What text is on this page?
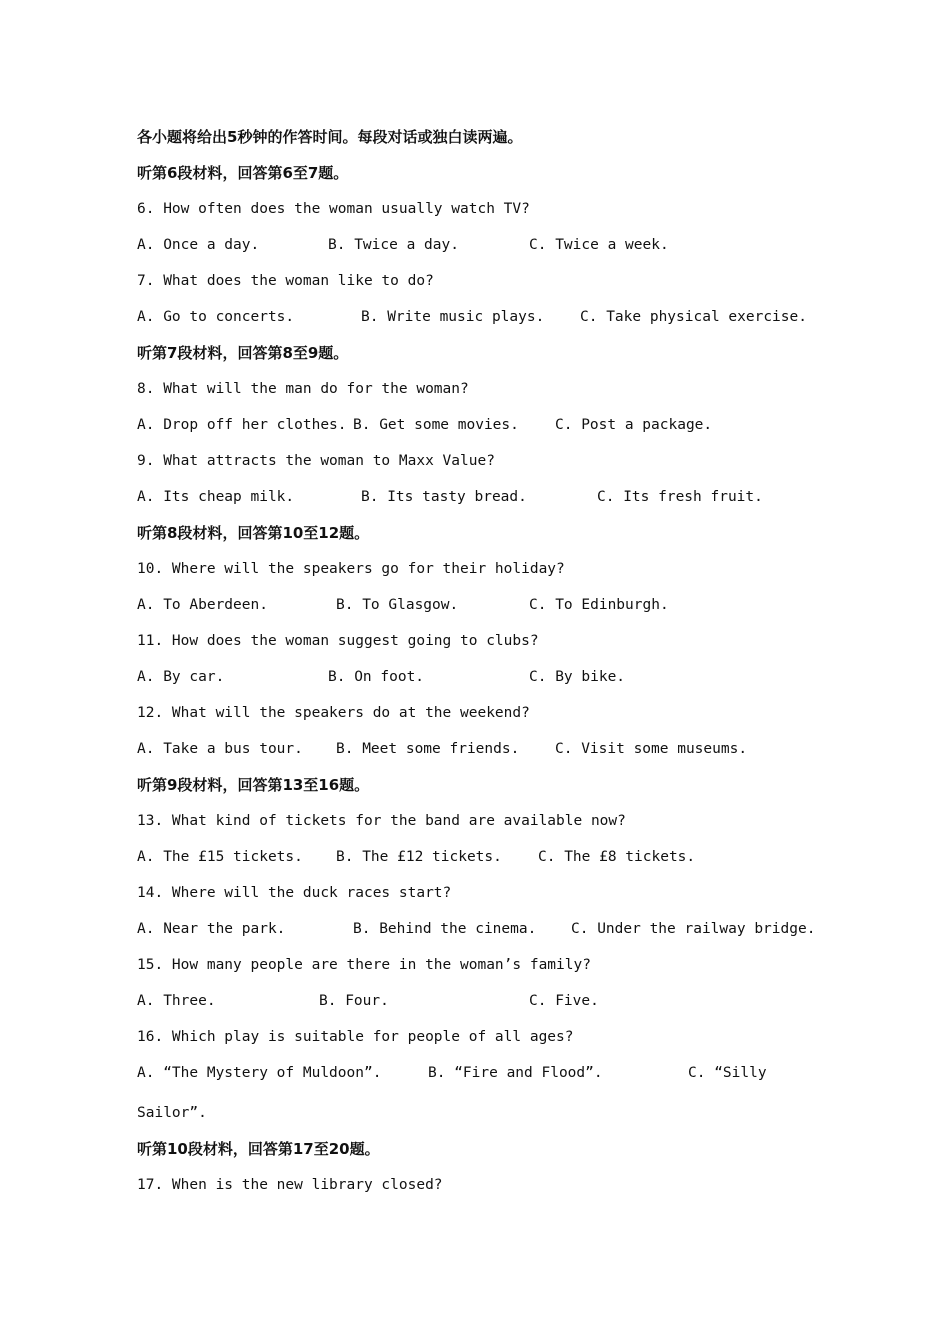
各小题将给出5秒钟的作答时间。每段对话或独白读两遍。
听第6段材料，回答第6至7题。
6. How often does the woman usually watch TV?
A. Once a day.	B. Twice a day.	C. Twice a week.
7. What does the woman like to do?
A. Go to concerts.	B. Write music plays. C. Take physical exercise.
听第7段材料，回答第8至9题。
8. What will the man do for the woman?
A. Drop off her clothes. B. Get some movies. C. Post a package.
9. What attracts the woman to Maxx Value?
A. Its cheap milk.	B. Its tasty bread.	C. Its fresh fruit.
听第8段材料，回答第10至12题。
10. Where will the speakers go for their holiday?
A. To Aberdeen.	B. To Glasgow.	C. To Edinburgh.
11. How does the woman suggest going to clubs?
A. By car.	B. On foot.	C. By bike.
12. What will the speakers do at the weekend?
A. Take a bus tour. B. Meet some friends. C. Visit some museums.
听第9段材料，回答第13至16题。
13. What kind of tickets for the band are available now?
A. The £15 tickets. B. The £12 tickets. C. The £8 tickets.
14. Where will the duck races start?
A. Near the park.	B. Behind the cinema. C. Under the railway bridge.
15. How many people are there in the woman’s family?
A. Three.	B. Four.	C. Five.
16. Which play is suitable for people of all ages?
A. “The Mystery of Muldoon”.	B. “Fire and Flood”.	C. “Silly
Sailor”.
听第10段材料，回答第17至20题。
17. When is the new library closed?
